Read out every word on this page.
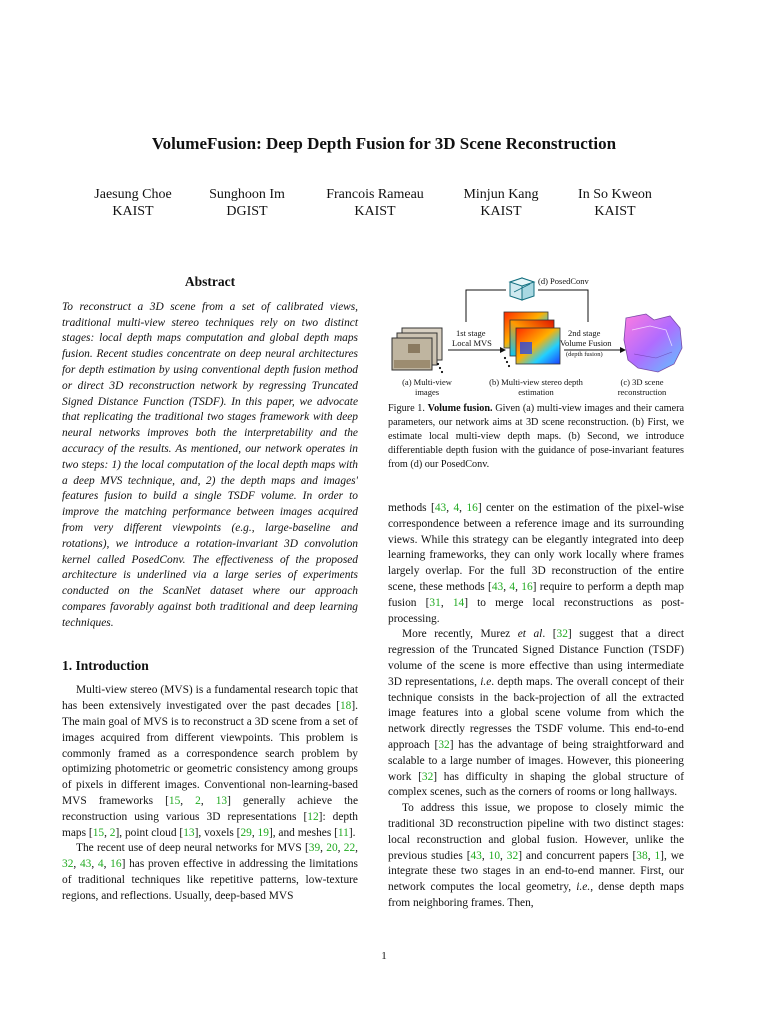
VolumeFusion: Deep Depth Fusion for 3D Scene Reconstruction
Jaesung Choe
KAIST
Sunghoon Im
DGIST
Francois Rameau
KAIST
Minjun Kang
KAIST
In So Kweon
KAIST
Abstract

To reconstruct a 3D scene from a set of calibrated views, traditional multi-view stereo techniques rely on two distinct stages: local depth maps computation and global depth maps fusion. Recent studies concentrate on deep neural architectures for depth estimation by using conventional depth fusion method or direct 3D reconstruction network by regressing Truncated Signed Distance Function (TSDF). In this paper, we advocate that replicating the traditional two stages framework with deep neural networks improves both the interpretability and the accuracy of the results. As mentioned, our network operates in two steps: 1) the local computation of the local depth maps with a deep MVS technique, and, 2) the depth maps and images' features fusion to build a single TSDF volume. In order to improve the matching performance between images acquired from very different viewpoints (e.g., large-baseline and rotations), we introduce a rotation-invariant 3D convolution kernel called PosedConv. The effectiveness of the proposed architecture is underlined via a large series of experiments conducted on the ScanNet dataset where our approach compares favorably against both traditional and deep learning techniques.

1. Introduction

Multi-view stereo (MVS) is a fundamental research topic that has been extensively investigated over the past decades [18]. The main goal of MVS is to reconstruct a 3D scene from a set of images acquired from different viewpoints. This problem is commonly framed as a correspondence search problem by optimizing photometric or geometric consistency among groups of pixels in different images. Conventional non-learning-based MVS frameworks [15, 2, 13] generally achieve the reconstruction using various 3D representations [12]: depth maps [15, 2], point cloud [13], voxels [29, 19], and meshes [11].

The recent use of deep neural networks for MVS [39, 20, 22, 32, 43, 4, 16] has proven effective in addressing the limitations of traditional techniques like repetitive patterns, low-texture regions, and reflections. Usually, deep-based MVS

(d) PosedConv
1st stage
Local MVS
2nd stage
Volume Fusion
(depth fusion)
(a) Multi-view images
(b) Multi-view stereo depth estimation
(c) 3D scene reconstruction
Figure 1. Volume fusion. Given (a) multi-view images and their camera parameters, our network aims at 3D scene reconstruction. (b) First, we estimate local multi-view depth maps. (b) Second, we introduce differentiable depth fusion with the guidance of pose-invariant features from (d) our PosedConv.

methods [43, 4, 16] center on the estimation of the pixel-wise correspondence between a reference image and its surrounding views. While this strategy can be elegantly integrated into deep learning frameworks, they can only work locally where frames largely overlap. For the full 3D reconstruction of the entire scene, these methods [43, 4, 16] require to perform a depth map fusion [31, 14] to merge local reconstructions as post-processing.

More recently, Murez et al. [32] suggest that a direct regression of the Truncated Signed Distance Function (TSDF) volume of the scene is more effective than using intermediate 3D representations, i.e. depth maps. The overall concept of their technique consists in the back-projection of all the extracted image features into a global scene volume from which the network directly regresses the TSDF volume. This end-to-end approach [32] has the advantage of being straightforward and scalable to a large number of images. However, this pioneering work [32] has difficulty in shaping the global structure of complex scenes, such as the corners of rooms or long hallways.

To address this issue, we propose to closely mimic the traditional 3D reconstruction pipeline with two distinct stages: local reconstruction and global fusion. However, unlike the previous studies [43, 10, 32] and concurrent papers [38, 1], we integrate these two stages in an end-to-end manner. First, our network computes the local geometry, i.e., dense depth maps from neighboring frames. Then,

1
